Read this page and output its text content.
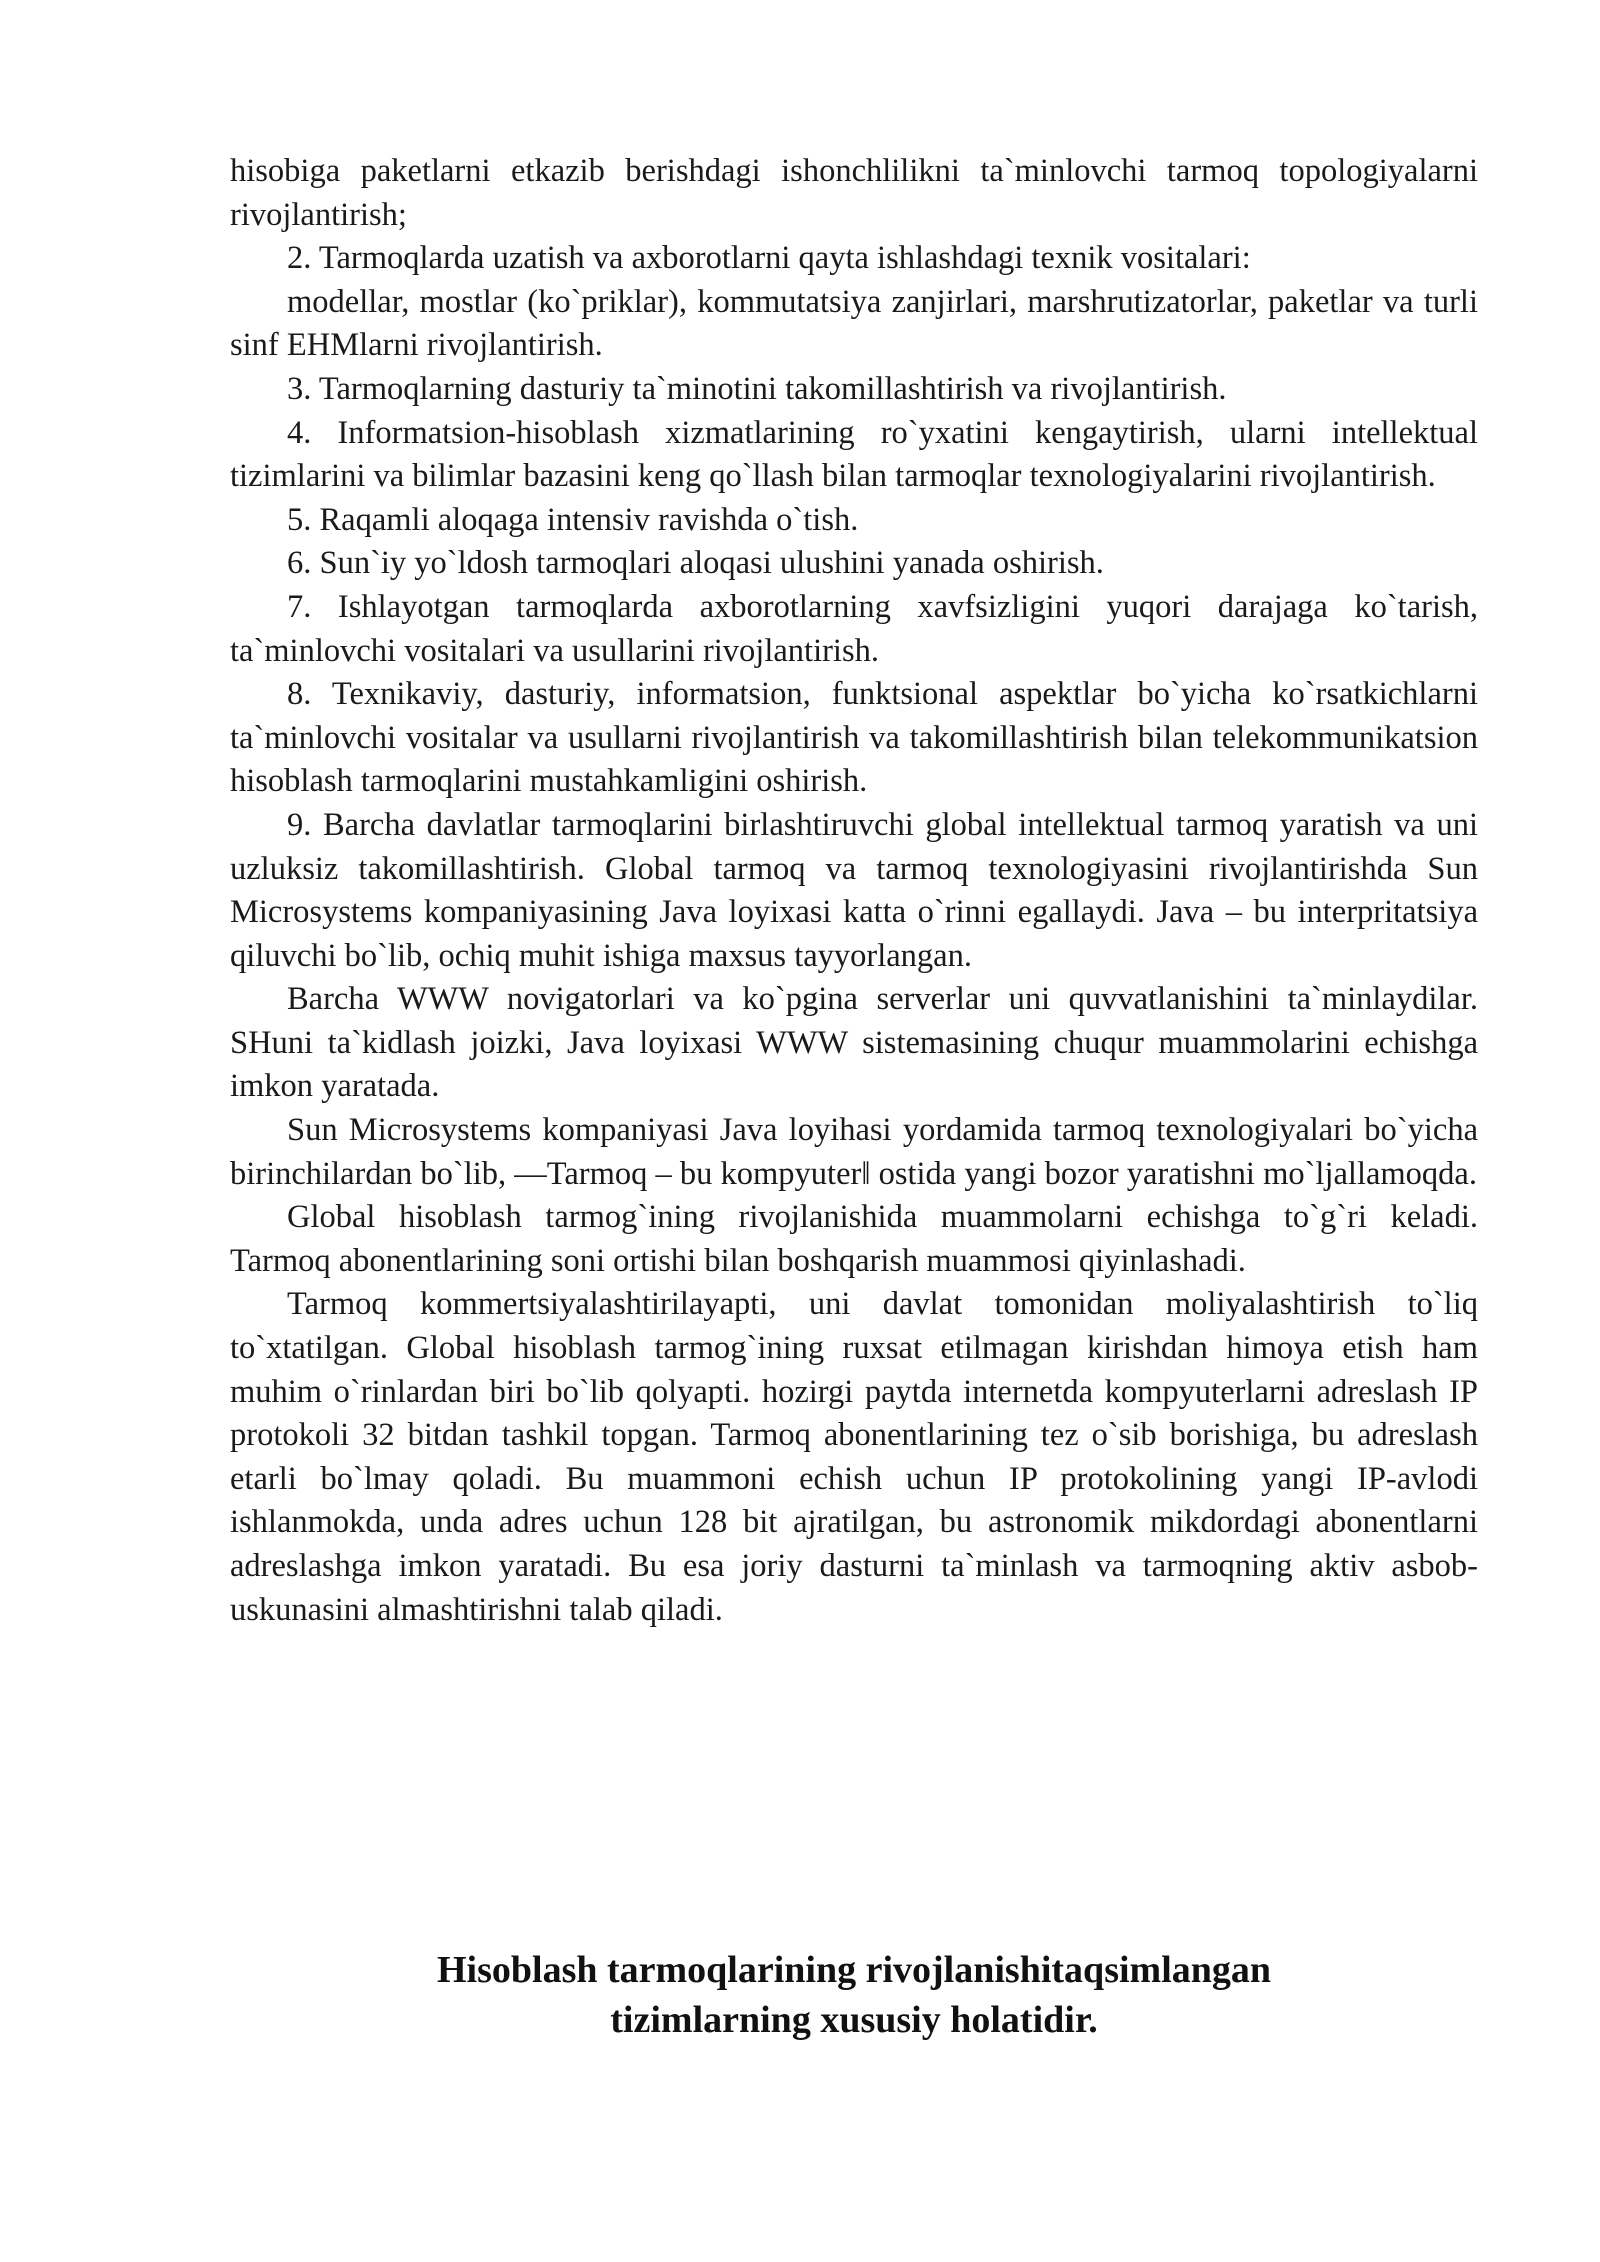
hisobiga paketlarni etkazib berishdagi ishonchlilikni ta`minlovchi tarmoq topologiyalarni rivojlantirish;

2. Tarmoqlarda uzatish va axborotlarni qayta ishlashdagi texnik vositalari:

modellar, mostlar (ko`priklar), kommutatsiya zanjirlari, marshrutizatorlar, paketlar va turli sinf EHMlarni rivojlantirish.

3. Tarmoqlarning dasturiy ta`minotini takomillashtirish va rivojlantirish.

4. Informatsion-hisoblash xizmatlarining ro`yxatini kengaytirish, ularni intellektual tizimlarini va bilimlar bazasini keng qo`llash bilan tarmoqlar texnologiyalarini rivojlantirish.

5. Raqamli aloqaga intensiv ravishda o`tish.

6. Sun`iy yo`ldosh tarmoqlari aloqasi ulushini yanada oshirish.

7. Ishlayotgan tarmoqlarda axborotlarning xavfsizligini yuqori darajaga ko`tarish, ta`minlovchi vositalari va usullarini rivojlantirish.

8. Texnikaviy, dasturiy, informatsion, funktsional aspektlar bo`yicha ko`rsatkichlarni ta`minlovchi vositalar va usullarni rivojlantirish va takomillashtirish bilan telekommunikatsion hisoblash tarmoqlarini mustahkamligini oshirish.

9. Barcha davlatlar tarmoqlarini birlashtiruvchi global intellektual tarmoq yaratish va uni uzluksiz takomillashtirish. Global tarmoq va tarmoq texnologiyasini rivojlantirishda Sun Microsystems kompaniyasining Java loyixasi katta o`rinni egallaydi. Java – bu interpritatsiya qiluvchi bo`lib, ochiq muhit ishiga maxsus tayyorlangan.

Barcha WWW novigatorlari va ko`pgina serverlar uni quvvatlanishini ta`minlaydilar. SHuni ta`kidlash joizki, Java loyixasi WWW sistemasining chuqur muammolarini echishga imkon yaratada.

Sun Microsystems kompaniyasi Java loyihasi yordamida tarmoq texnologiyalari bo`yicha birinchilardan bo`lib, ―Tarmoq – bu kompyuter‖ ostida yangi bozor yaratishni mo`ljallamoqda.

Global hisoblash tarmog`ining rivojlanishida muammolarni echishga to`g`ri keladi. Tarmoq abonentlarining soni ortishi bilan boshqarish muammosi qiyinlashadi.

Tarmoq kommertsiyalashtirilayapti, uni davlat tomonidan moliyalashtirish to`liq to`xtatilgan. Global hisoblash tarmog`ining ruxsat etilmagan kirishdan himoya etish ham muhim o`rinlardan biri bo`lib qolyapti. hozirgi paytda internetda kompyuterlarni adreslash IP protokoli 32 bitdan tashkil topgan. Tarmoq abonentlarining tez o`sib borishiga, bu adreslash etarli bo`lmay qoladi. Bu muammoni echish uchun IP protokolining yangi IP-avlodi ishlanmokda, unda adres uchun 128 bit ajratilgan, bu astronomik mikdordagi abonentlarni adreslashga imkon yaratadi. Bu esa joriy dasturni ta`minlash va tarmoqning aktiv asbob-uskunasini almashtirishni talab qiladi.

Hisoblash tarmoqlarining rivojlanishitaqsimlangan
tizimlarning xususiy holatidir.
